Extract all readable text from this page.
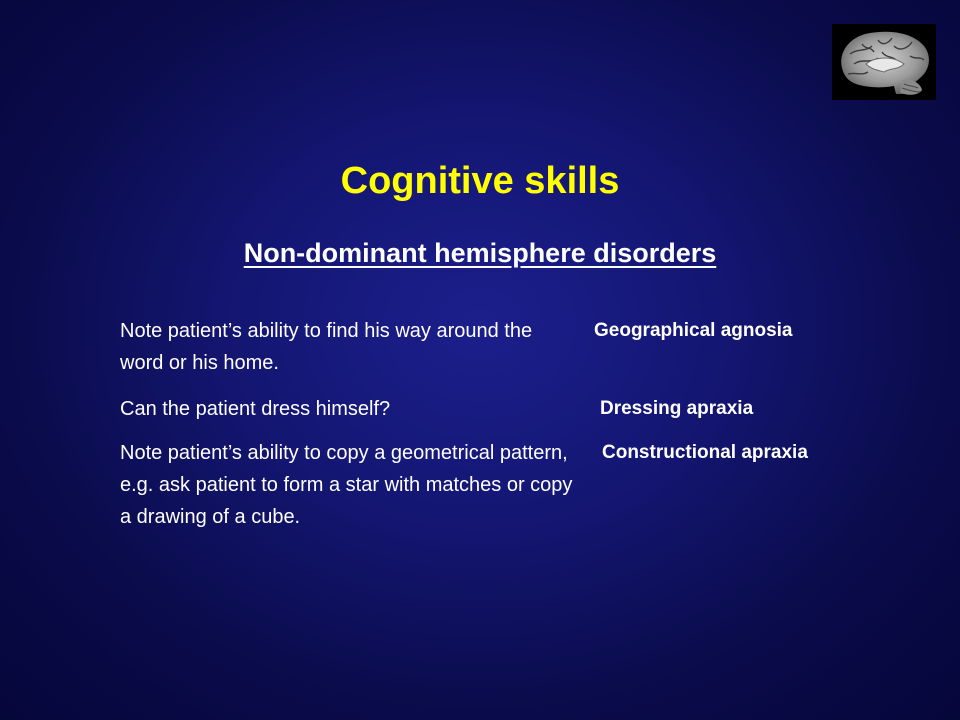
Cognitive skills
Non-dominant hemisphere disorders
Note patient’s ability to find his way around the word or his home.
Geographical agnosia
Can the patient dress himself?	Dressing apraxia
Note patient’s ability to copy a geometrical pattern, e.g. ask patient to form a star with matches or copy a drawing of a cube.
Constructional apraxia
